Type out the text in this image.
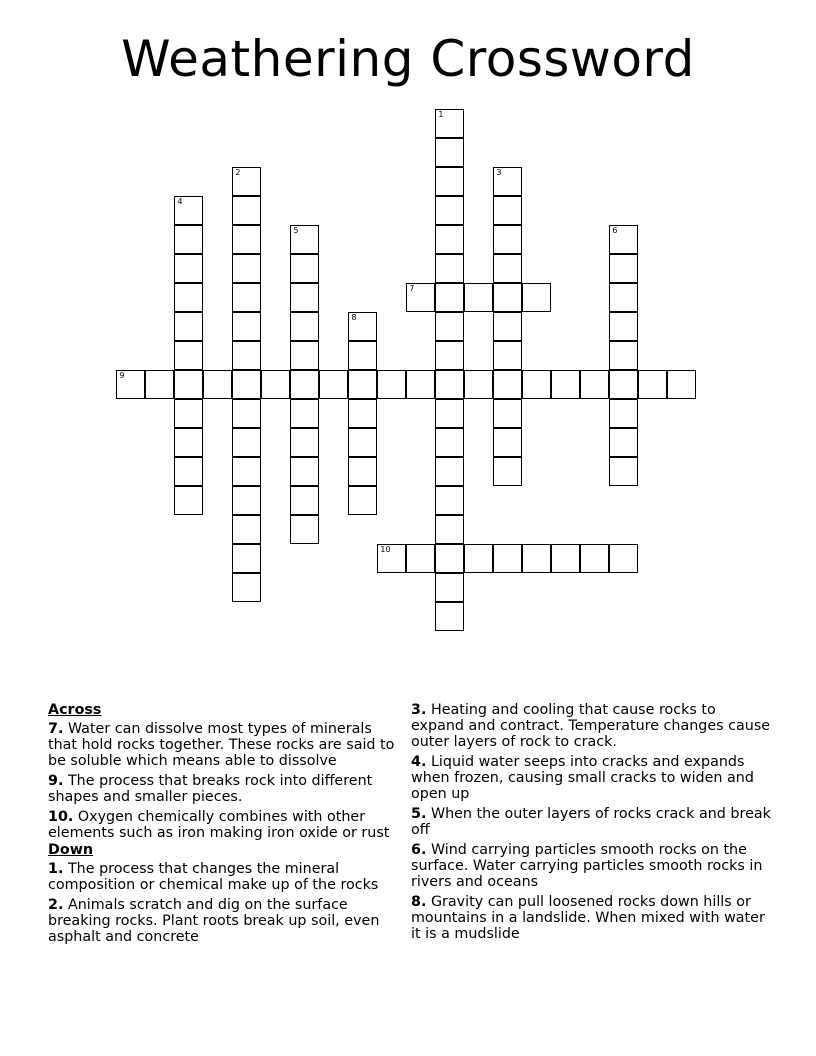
Weathering Crossword
1
2	3
4
5	6
7
8
9
10
Across
7. Water can dissolve most types of minerals that hold rocks together. These rocks are said to be soluble which means able to dissolve
9. The process that breaks rock into different shapes and smaller pieces.
10. Oxygen chemically combines with other elements such as iron making iron oxide or rust
Down
1. The process that changes the mineral composition or chemical make up of the rocks
2. Animals scratch and dig on the surface breaking rocks. Plant roots break up soil, even asphalt and concrete
3. Heating and cooling that cause rocks to expand and contract. Temperature changes cause outer layers of rock to crack.
4. Liquid water seeps into cracks and expands when frozen, causing small cracks to widen and open up
5. When the outer layers of rocks crack and break off
6. Wind carrying particles smooth rocks on the surface. Water carrying particles smooth rocks in rivers and oceans
8. Gravity can pull loosened rocks down hills or mountains in a landslide. When mixed with water it is a mudslide
